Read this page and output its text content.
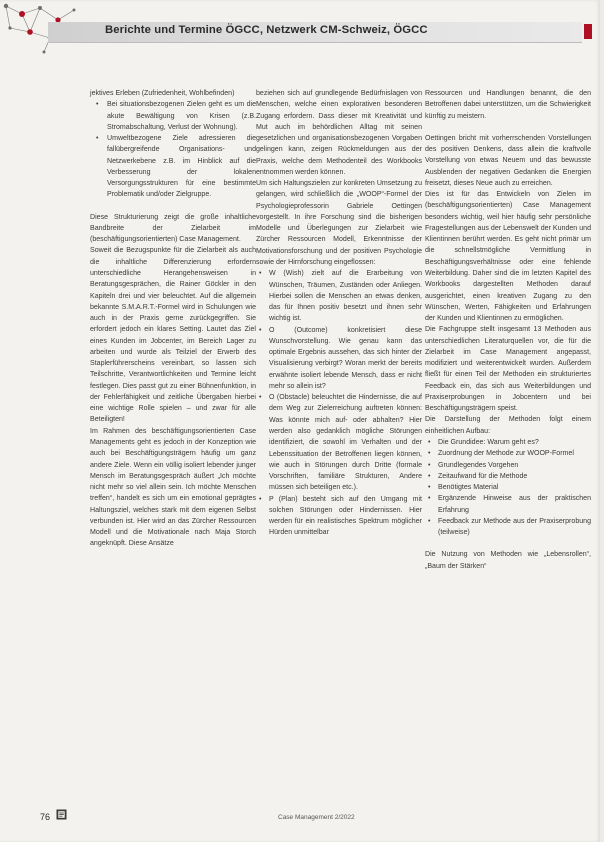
Berichte und Termine ÖGCC, Netzwerk CM-Schweiz, ÖGCC

jektives Erleben (Zufriedenheit, Wohlbefinden)

• Bei situationsbezogenen Zielen geht es um die akute Bewältigung von Krisen (z.B. Stromabschaltung, Verlust der Wohnung).
• Umweltbezogene Ziele adressieren die fallübergreifende Organisations- und Netzwerkebene z.B. im Hinblick auf die Verbesserung der lokalen Versorgungsstrukturen für eine bestimmte Problematik und/oder Zielgruppe.

Diese Strukturierung zeigt die große inhaltliche Bandbreite der Zielarbeit im (beschäftigungsorientierten) Case Management.

Soweit die Bezugspunkte für die Zielarbeit als auch die inhaltliche Differenzierung erfordern unterschiedliche Herangehensweisen in Beratungsgesprächen, die Rainer Göckler in den Kapiteln drei und vier beleuchtet. Auf die allgemein bekannte S.M.A.R.T.-Formel wird in Schulungen wie auch in der Praxis gerne zurückgegriffen. Sie erfordert jedoch ein klares Setting. Lautet das Ziel eines Kunden im Jobcenter, im Bereich Lager zu arbeiten und wurde als Teilziel der Erwerb des Staplerführerscheins vereinbart, so lassen sich Teilschritte, Verantwortlichkeiten und Termine leicht festlegen. Dies passt gut zu einer Bühnenfunktion, in der Fehlerfähigkeit und zeitliche Übergaben hierbei eine wichtige Rolle spielen – und zwar für alle Beteiligten!

Im Rahmen des beschäftigungsorientierten Case Managements geht es jedoch in der Konzeption wie auch bei Beschäftigungsträgern häufig um ganz andere Ziele. Wenn ein völlig isoliert lebender junger Mensch im Beratungsgespräch äußert „Ich möchte nicht mehr so viel allein sein. Ich möchte Menschen treffen“, handelt es sich um ein emotional geprägtes Haltungsziel, welches stark mit dem eigenen Selbst verbunden ist. Hier wird an das Zürcher Ressourcen Modell und die Motivationale nach Maja Storch angeknüpft. Diese Ansätze

beziehen sich auf grundlegende Bedürfnislagen von Menschen, welche einen explorativen besonderen Zugang erfordern. Dass dieser mit Kreativität und Mut auch im behördlichen Alltag mit seinen gesetzlichen und organisationsbezogenen Vorgaben gelingen kann, zeigen Rückmeldungen aus der Praxis, welche dem Methodenteil des Workbooks entnommen werden können.

Um sich Haltungszielen zur konkreten Umsetzung zu gelangen, wird schließlich die „WOOP“-Formel der Psychologieprofessorin Gabriele Oettingen vorgestellt. In ihre Forschung sind die bisherigen Modelle und Überlegungen zur Zielarbeit wie Zürcher Ressourcen Modell, Erkenntnisse der Motivationsforschung und der positiven Psychologie sowie der Hirnforschung eingeflossen:

• W (Wish) zielt auf die Erarbeitung von Wünschen, Träumen, Zuständen oder Anliegen. Hierbei sollen die Menschen an etwas denken, das für Ihnen positiv besetzt und ihnen sehr wichtig ist.
• O (Outcome) konkretisiert diese Wunschvorstellung. Wie genau kann das optimale Ergebnis aussehen, das sich hinter der Visualisierung verbirgt? Woran merkt der bereits erwähnte isoliert lebende Mensch, dass er nicht mehr so allein ist?
• O (Obstacle) beleuchtet die Hindernisse, die auf dem Weg zur Zielerreichung auftreten können: Was könnte mich auf- oder abhalten? Hier werden also gedanklich mögliche Störungen identifiziert, die sowohl im Verhalten und der Lebenssituation der Betroffenen liegen können, wie auch in Störungen durch Dritte (formale Vorschriften, familiäre Strukturen, Andere müssen sich beteiligen etc.).
• P (Plan) besteht sich auf den Umgang mit solchen Störungen oder Hindernissen. Hier werden für ein realistisches Spektrum möglicher Hürden unmittelbar

Ressourcen und Handlungen benannt, die den Betroffenen dabei unterstützen, um die Schwierigkeit künftig zu meistern.

Oettingen bricht mit vorherrschenden Vorstellungen des positiven Denkens, dass allein die kraftvolle Vorstellung von etwas Neuem und das bewusste Ausblenden der negativen Gedanken die Energien freisetzt, dieses Neue auch zu erreichen.

Dies ist für das Entwickeln von Zielen im (beschäftigungsorientierten) Case Management besonders wichtig, weil hier häufig sehr persönliche Fragestellungen aus der Lebenswelt der Kunden und Klientinnen berührt werden. Es geht nicht primär um die schnellstmögliche Vermittlung in Beschäftigungsverhältnisse oder eine fehlende Weiterbildung. Daher sind die im letzten Kapitel des Workbooks dargestellten Methoden darauf ausgerichtet, einen kreativen Zugang zu den Wünschen, Werten, Fähigkeiten und Erfahrungen der Kunden und Klientinnen zu ermöglichen.

Die Fachgruppe stellt insgesamt 13 Methoden aus unterschiedlichen Literaturquellen vor, die für die Zielarbeit im Case Management angepasst, modifiziert und weiterentwickelt wurden. Außerdem fließt für einen Teil der Methoden ein strukturiertes Feedback ein, das sich aus Weiterbildungen und Praxiserprobungen in Jobcentern und bei Beschäftigungsträgern speist.

Die Darstellung der Methoden folgt einem einheitlichen Aufbau:

• Die Grundidee: Warum geht es?
• Zuordnung der Methode zur WOOP-Formel
• Grundlegendes Vorgehen
• Zeitaufwand für die Methode
• Benötigtes Material
• Ergänzende Hinweise aus der praktischen Erfahrung
• Feedback zur Methode aus der Praxiserprobung (teilweise)

Die Nutzung von Methoden wie „Lebensrollen“, „Baum der Stärken“

76	Case Management 2/2022
